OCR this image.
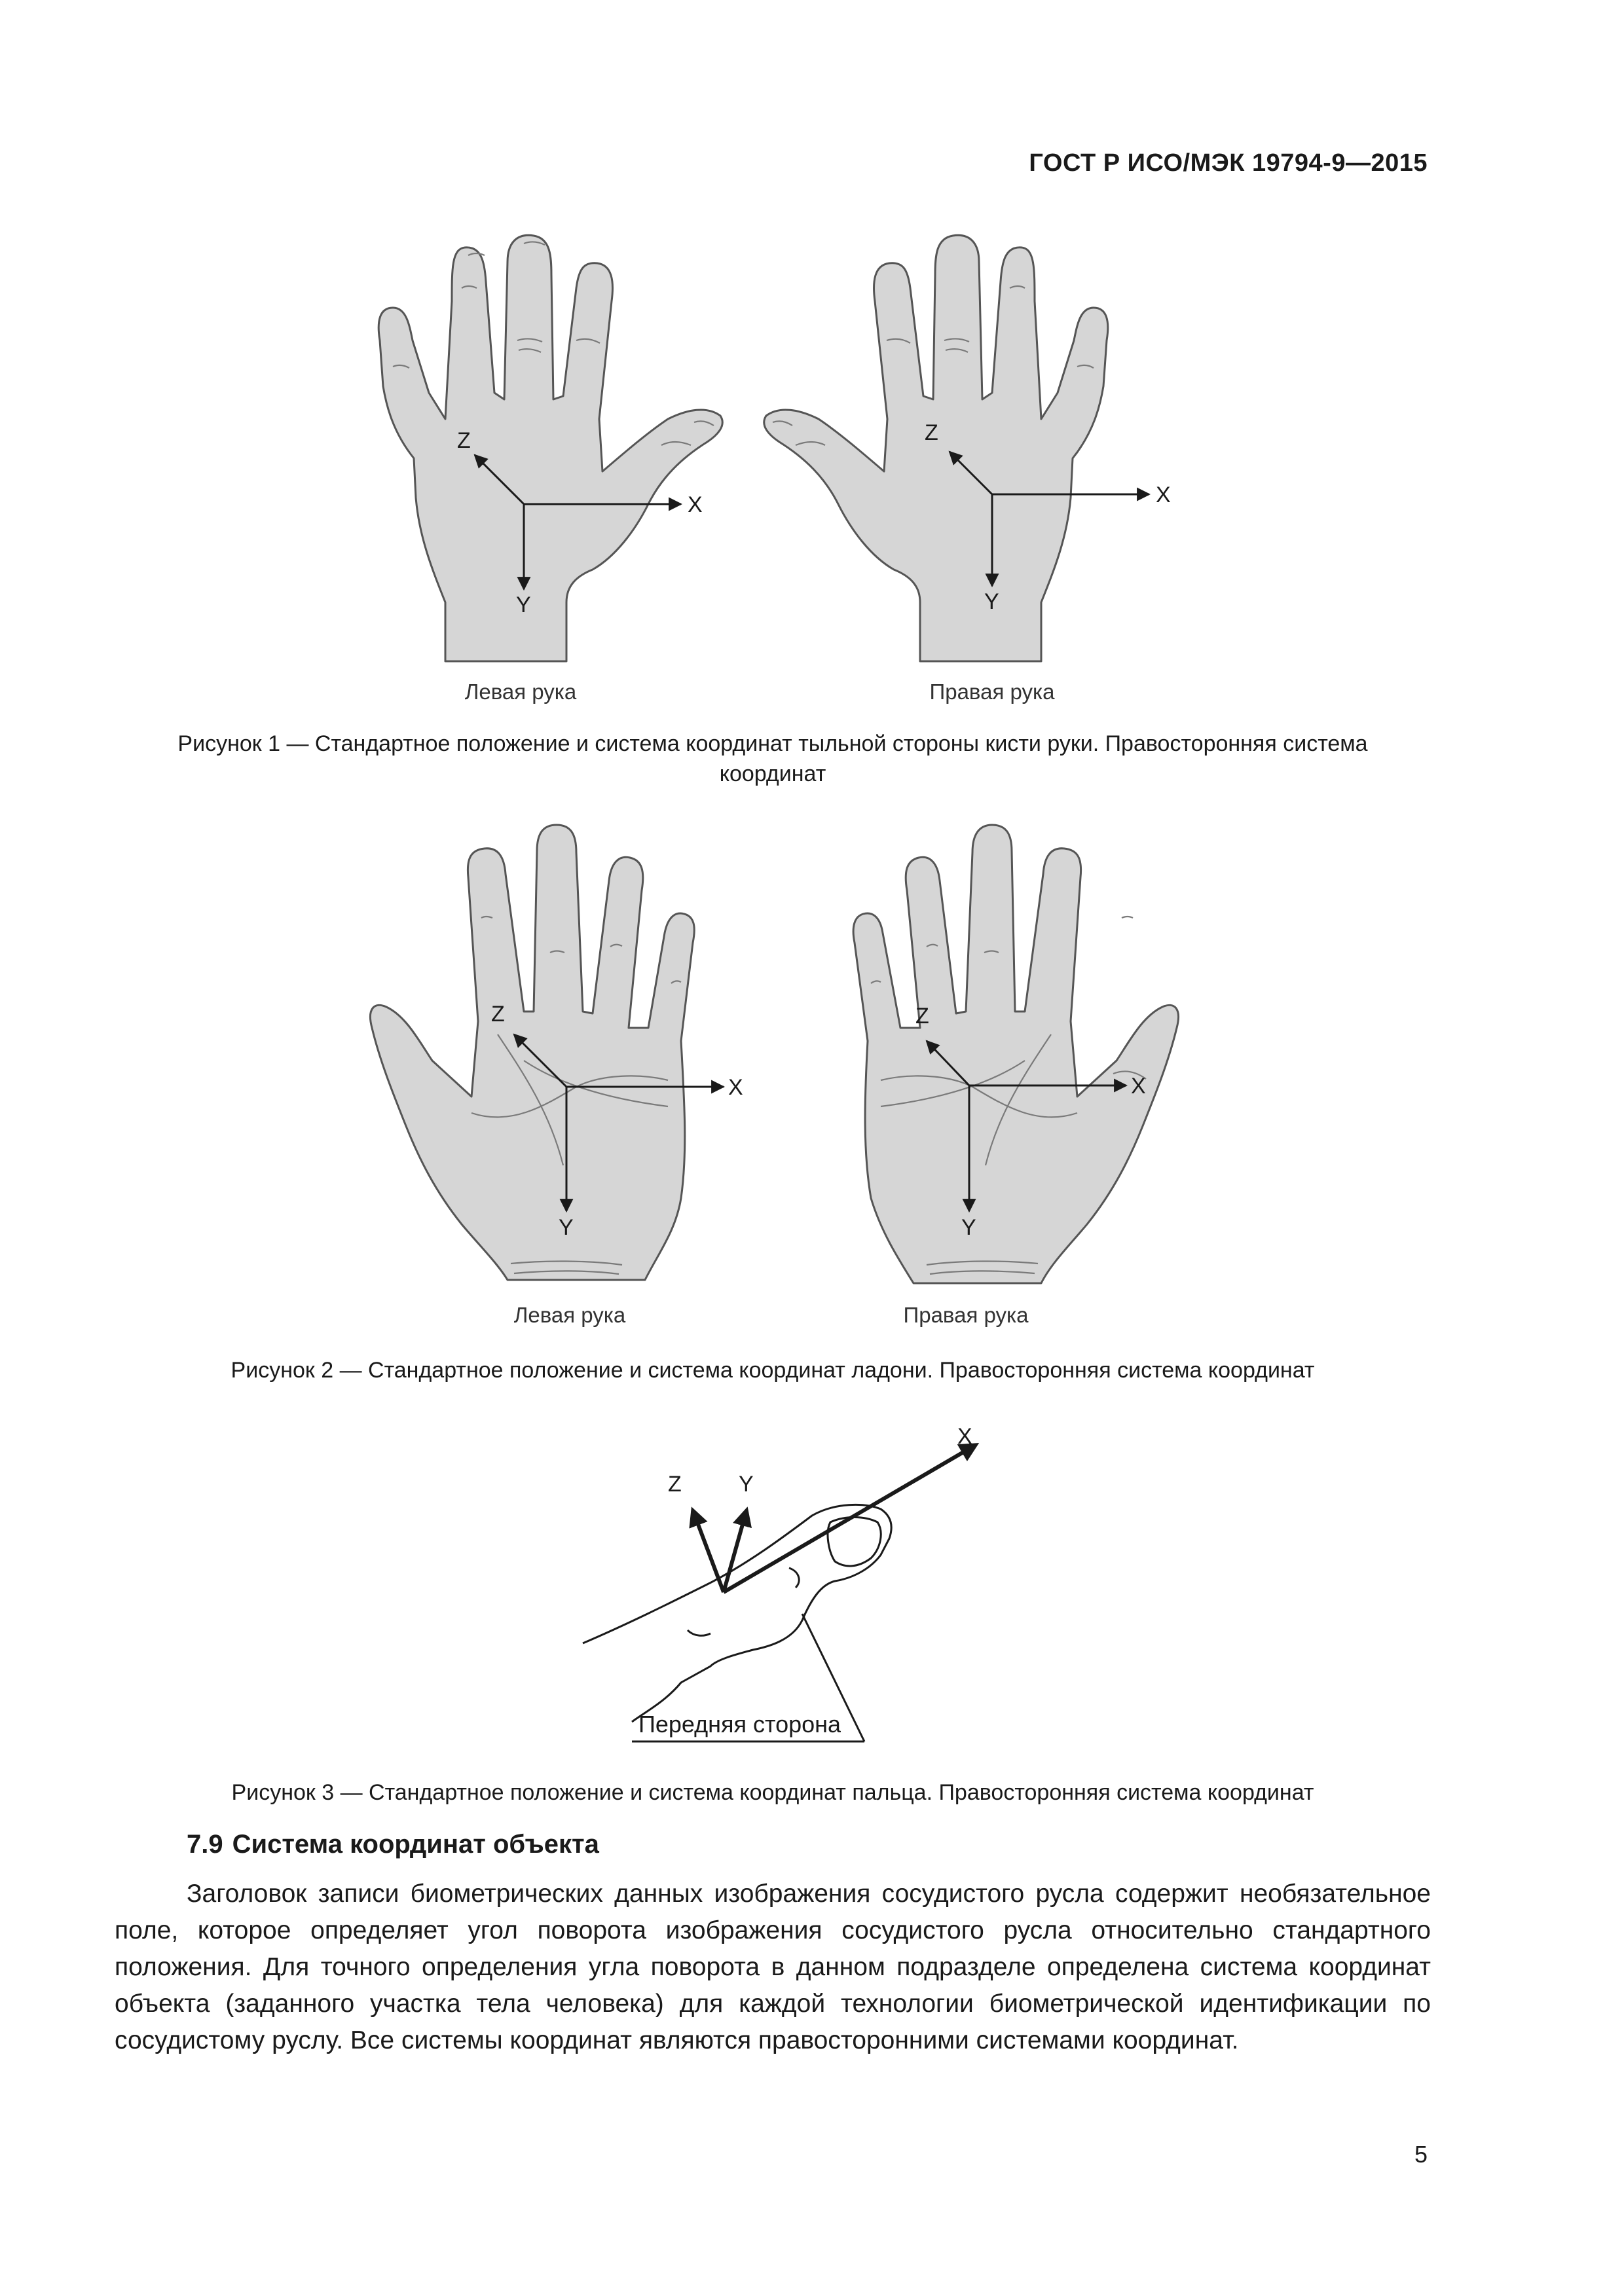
ГОСТ Р ИСО/МЭК 19794-9—2015
X
Y
Z
X
Y
Z
Левая рука	Правая рука
Рисунок 1 — Стандартное положение и система координат тыльной стороны кисти руки. Правосторонняя система
координат
X
Y
Z
X
Y
Z
Левая рука	Правая рука
Рисунок 2 — Стандартное положение и система координат ладони. Правосторонняя система координат
X
Z	Y
Передняя сторона
Рисунок 3 — Стандартное положение и система координат пальца. Правосторонняя система координат
7.9 Система координат объекта
Заголовок записи биометрических данных изображения сосудистого русла содержит необязательное поле, которое определяет угол поворота изображения сосудистого русла относительно стандартного положения. Для точного определения угла поворота в данном подразделе определена система координат объекта (заданного участка тела человека) для каждой технологии биометрической идентификации по сосудистому руслу. Все системы координат являются правосторонними системами координат.
5
